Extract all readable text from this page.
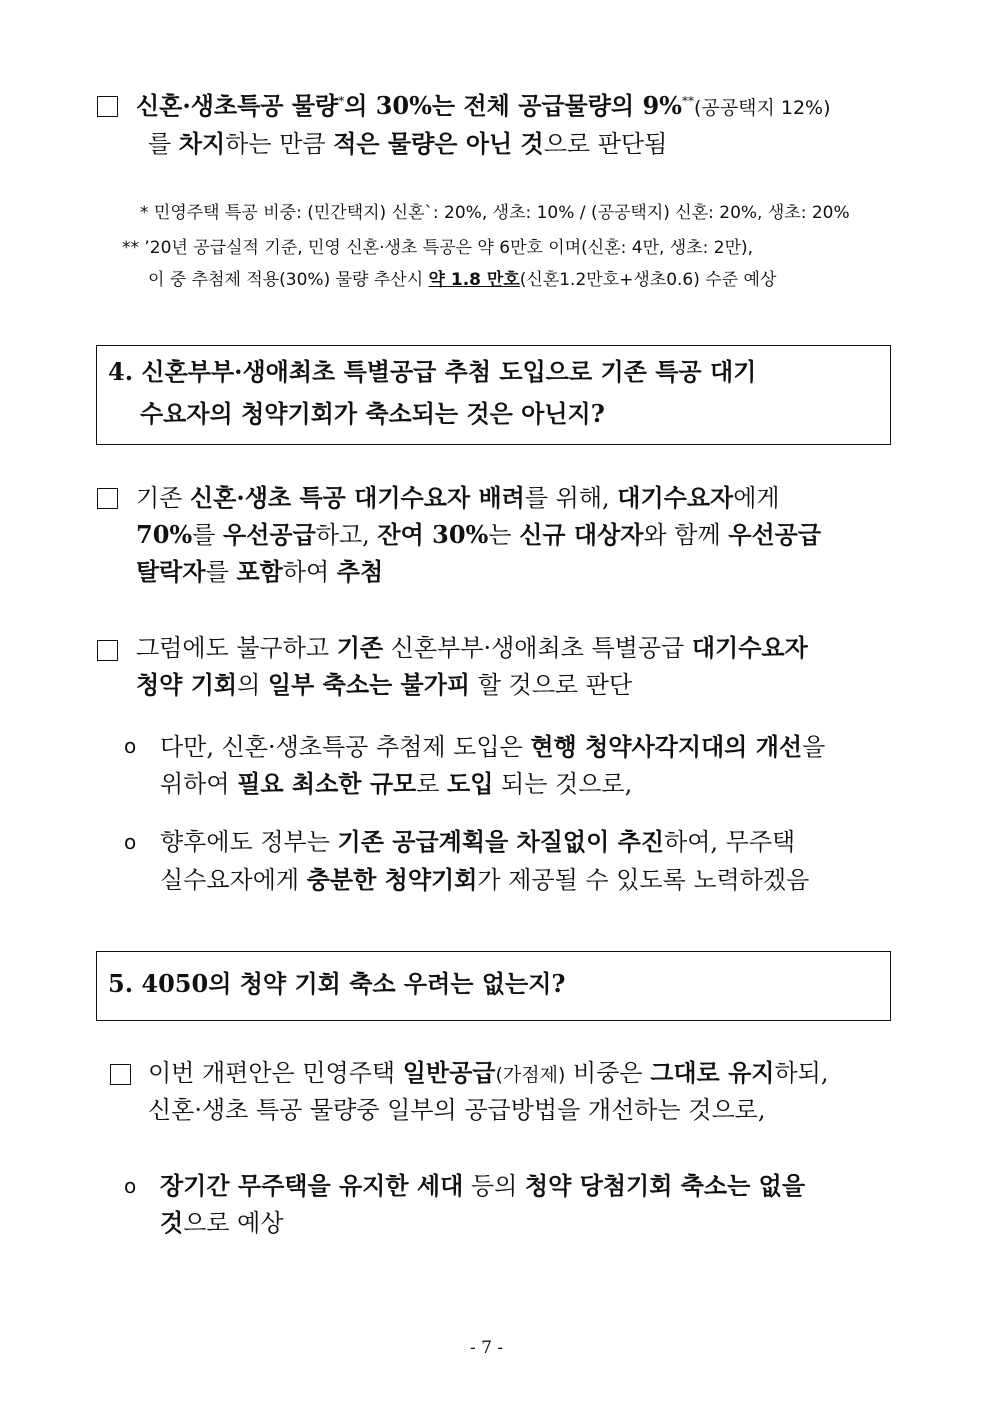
신혼·생초특공 물량*의 30%는 전체 공급물량의 9%**(공공택지 12%)
를 차지하는 만큼 적은 물량은 아닌 것으로 판단됨
* 민영주택 특공 비중: (민간택지) 신혼`: 20%, 생초: 10% / (공공택지) 신혼: 20%, 생초: 20%
** ’20년 공급실적 기준, 민영 신혼·생초 특공은 약 6만호 이며(신혼: 4만, 생초: 2만),
이 중 추첨제 적용(30%) 물량 추산시 약 1.8 만호(신혼1.2만호+생초0.6) 수준 예상
4. 신혼부부·생애최초 특별공급 추첨 도입으로 기존 특공 대기
수요자의 청약기회가 축소되는 것은 아닌지?
기존 신혼·생초 특공 대기수요자 배려를 위해, 대기수요자에게
70%를 우선공급하고, 잔여 30%는 신규 대상자와 함께 우선공급
탈락자를 포함하여 추첨
그럼에도 불구하고 기존 신혼부부·생애최초 특별공급 대기수요자
청약 기회의 일부 축소는 불가피 할 것으로 판단
o 다만, 신혼·생초특공 추첨제 도입은 현행 청약사각지대의 개선을
위하여 필요 최소한 규모로 도입 되는 것으로,
o 향후에도 정부는 기존 공급계획을 차질없이 추진하여, 무주택
실수요자에게 충분한 청약기회가 제공될 수 있도록 노력하겠음
5. 4050의 청약 기회 축소 우려는 없는지?
이번 개편안은 민영주택 일반공급(가점제) 비중은 그대로 유지하되,
신혼·생초 특공 물량중 일부의 공급방법을 개선하는 것으로,
o 장기간 무주택을 유지한 세대 등의 청약 당첨기회 축소는 없을
것으로 예상
- 7 -
